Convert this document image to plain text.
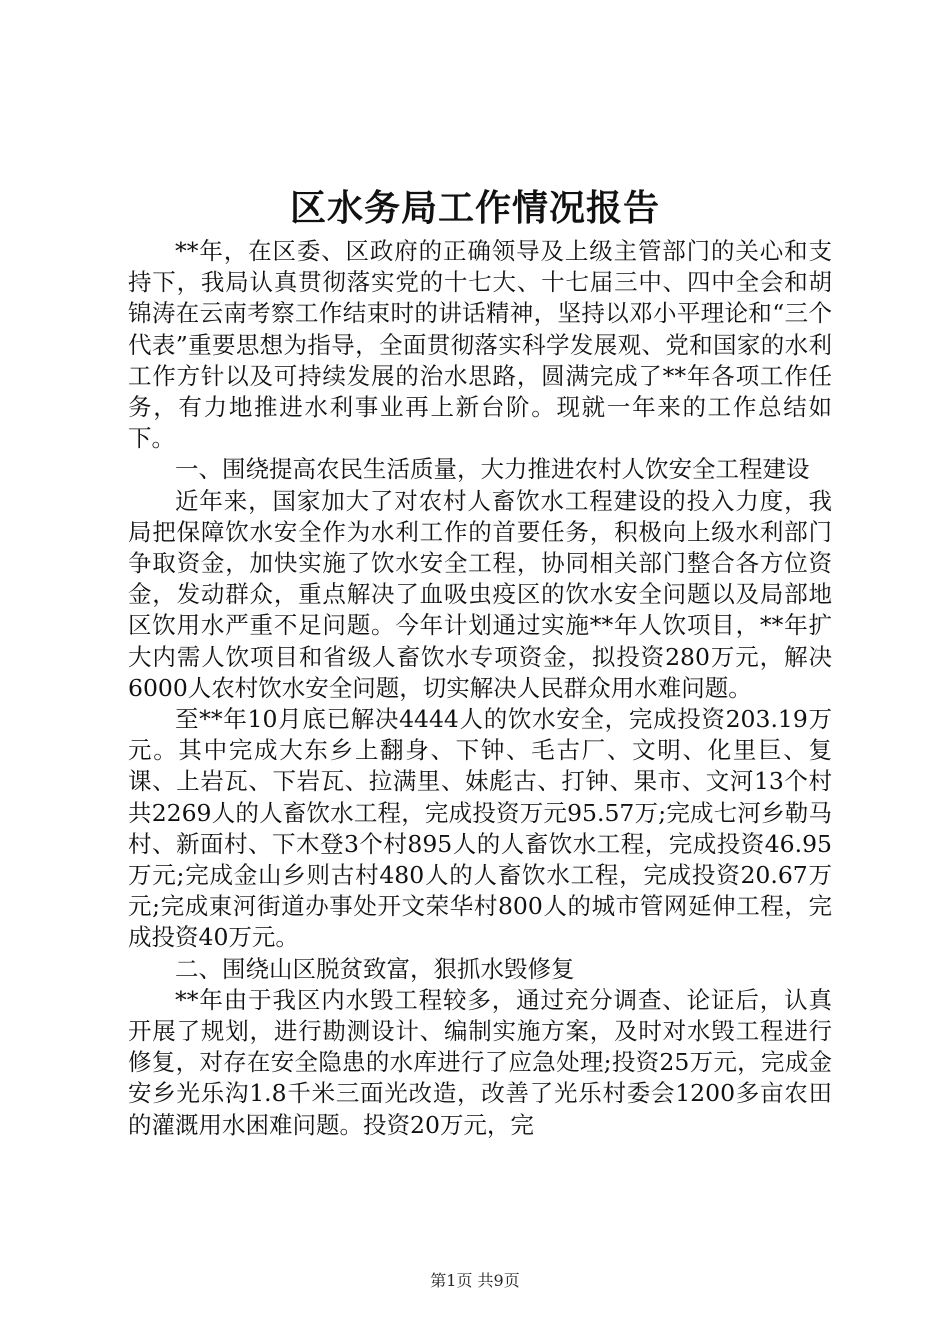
区水务局工作情况报告

**年，在区委、区政府的正确领导及上级主管部门的关心和支持下，我局认真贯彻落实党的十七大、十七届三中、四中全会和胡锦涛在云南考察工作结束时的讲话精神，坚持以邓小平理论和“三个代表”重要思想为指导，全面贯彻落实科学发展观、党和国家的水利工作方针以及可持续发展的治水思路，圆满完成了**年各项工作任务，有力地推进水利事业再上新台阶。现就一年来的工作总结如下。

一、围绕提高农民生活质量，大力推进农村人饮安全工程建设

近年来，国家加大了对农村人畜饮水工程建设的投入力度，我局把保障饮水安全作为水利工作的首要任务，积极向上级水利部门争取资金，加快实施了饮水安全工程，协同相关部门整合各方位资金，发动群众，重点解决了血吸虫疫区的饮水安全问题以及局部地区饮用水严重不足问题。今年计划通过实施**年人饮项目，**年扩大内需人饮项目和省级人畜饮水专项资金，拟投资280万元，解决6000人农村饮水安全问题，切实解决人民群众用水难问题。

至**年10月底已解决4444人的饮水安全，完成投资203.19万元。其中完成大东乡上翻身、下钟、毛古厂、文明、化里巨、复课、上岩瓦、下岩瓦、拉满里、妹彪古、打钟、果市、文河13个村共2269人的人畜饮水工程，完成投资万元95.57万;完成七河乡勒马村、新面村、下木登3个村895人的人畜饮水工程，完成投资46.95万元;完成金山乡则古村480人的人畜饮水工程，完成投资20.67万元;完成東河街道办事处开文荣华村800人的城市管网延伸工程，完成投资40万元。

二、围绕山区脱贫致富，狠抓水毁修复

**年由于我区内水毁工程较多，通过充分调查、论证后，认真开展了规划，进行勘测设计、编制实施方案，及时对水毁工程进行修复，对存在安全隐患的水库进行了应急处理;投资25万元，完成金安乡光乐沟1.8千米三面光改造，改善了光乐村委会1200多亩农田的灌溉用水困难问题。投资20万元，完

第1页 共9页
